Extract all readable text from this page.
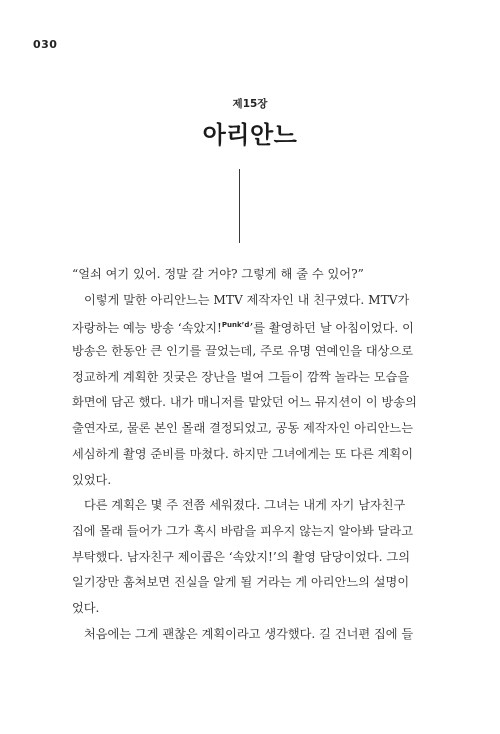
030
제15장
아리안느
“얼쇠 여기 있어. 정말 갈 거야? 그렇게 해 줄 수 있어?”
이렇게 말한 아리안느는 MTV 제작자인 내 친구였다. MTV가
자랑하는 예능 방송 ‘속았지!$^{Punk’d}$’를 촬영하던 날 아침이었다. 이
방송은 한동안 큰 인기를 끌었는데, 주로 유명 연예인을 대상으로
정교하게 계획한 짓궂은 장난을 벌여 그들이 깜짝 놀라는 모습을
화면에 담곤 했다. 내가 매니저를 맡았던 어느 뮤지션이 이 방송의
출연자로, 물론 본인 몰래 결정되었고, 공동 제작자인 아리안느는
세심하게 촬영 준비를 마쳤다. 하지만 그녀에게는 또 다른 계획이
있었다.
다른 계획은 몇 주 전쯤 세워졌다. 그녀는 내게 자기 남자친구
집에 몰래 들어가 그가 혹시 바람을 피우지 않는지 알아봐 달라고
부탁했다. 남자친구 제이콥은 ‘속았지!’의 촬영 담당이었다. 그의
일기장만 훔쳐보면 진실을 알게 될 거라는 게 아리안느의 설명이
었다.
처음에는 그게 괜찮은 계획이라고 생각했다. 길 건너편 집에 들
